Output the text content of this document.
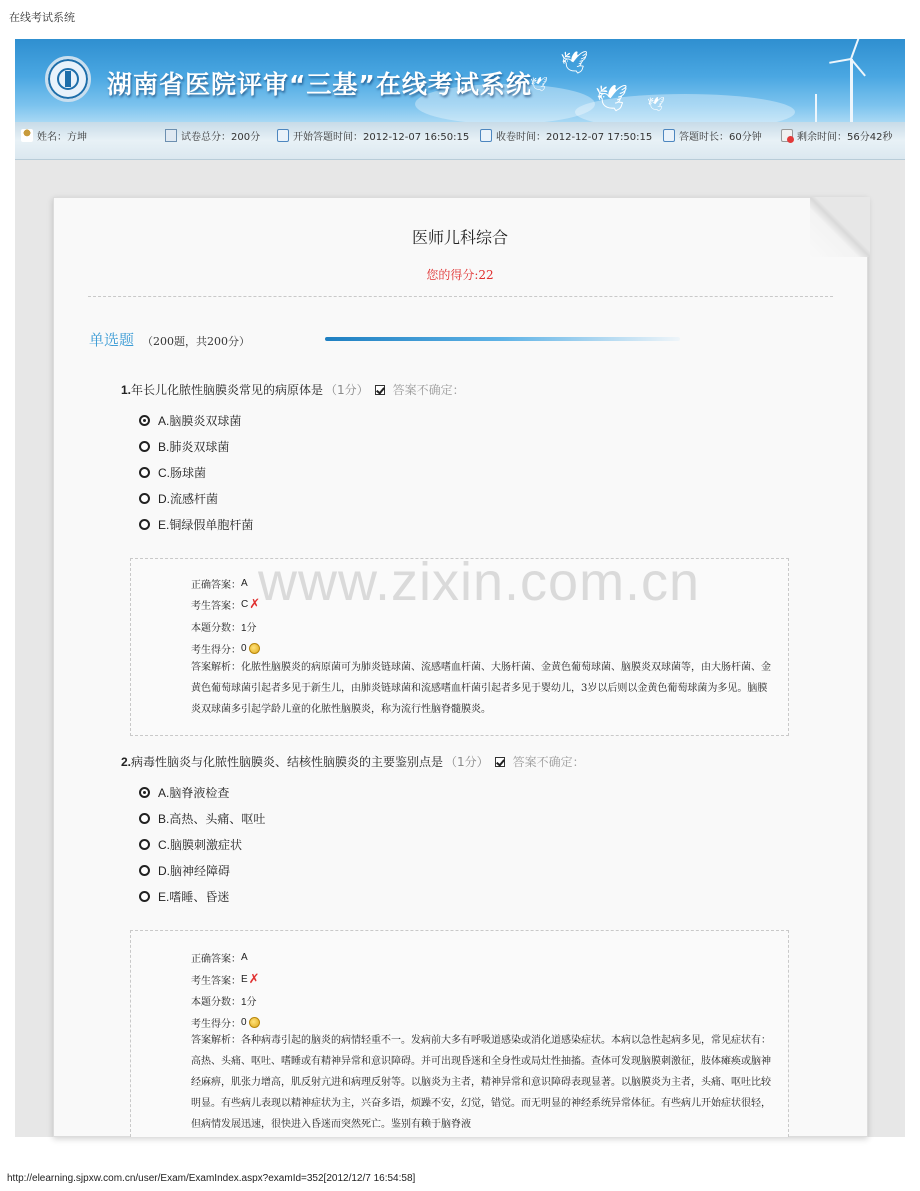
在线考试系统
湖南省医院评审“三基”在线考试系统
🕊
🕊 🕊 🕊
姓名：方坤	试卷总分：200分	开始答题时间：2012-12-07 16:50:15	收卷时间：2012-12-07 17:50:15	答题时长：60分钟	剩余时间：56分42秒
医师儿科综合
您的得分:22
单选题 （200题，共200分）
1. 年长儿化脓性脑膜炎常见的病原体是 （1分） 答案不确定：
A.脑膜炎双球菌
B.肺炎双球菌
C.肠球菌
D.流感杆菌
E.铜绿假单胞杆菌
正确答案： A
考生答案： C ✗
本题分数： 1分
考生得分： 0
答案解析：化脓性脑膜炎的病原菌可为肺炎链球菌、流感嗜血杆菌、大肠杆菌、金黄色葡萄球菌、脑膜炎双球菌等，由大肠杆菌、金黄色葡萄球菌引起者多见于新生儿，由肺炎链球菌和流感嗜血杆菌引起者多见于婴幼儿，3岁以后则以金黄色葡萄球菌为多见。脑膜炎双球菌多引起学龄儿童的化脓性脑膜炎，称为流行性脑脊髓膜炎。
2. 病毒性脑炎与化脓性脑膜炎、结核性脑膜炎的主要鉴别点是 （1分） 答案不确定：
A.脑脊液检查
B.高热、头痛、呕吐
C.脑膜刺激症状
D.脑神经障碍
E.嗜睡、昏迷
正确答案： A
考生答案： E ✗
本题分数： 1分
考生得分： 0
答案解析：各种病毒引起的脑炎的病情轻重不一。发病前大多有呼吸道感染或消化道感染症状。本病以急性起病多见，常见症状有：高热、头痛、呕吐、嗜睡或有精神异常和意识障碍。并可出现昏迷和全身性或局灶性抽搐。查体可发现脑膜刺激征，肢体瘫痪或脑神经麻痹，肌张力增高，肌反射亢进和病理反射等。以脑炎为主者，精神异常和意识障碍表现显著。以脑膜炎为主者，头痛、呕吐比较明显。有些病儿表现以精神症状为主，兴奋多语，烦躁不安，幻觉，错觉。而无明显的神经系统异常体征。有些病儿开始症状很轻，但病情发展迅速，很快进入昏迷而突然死亡。鉴别有赖于脑脊液
www.zixin.com.cn
http://elearning.sjpxw.com.cn/user/Exam/ExamIndex.aspx?examId=352[2012/12/7 16:54:58]
